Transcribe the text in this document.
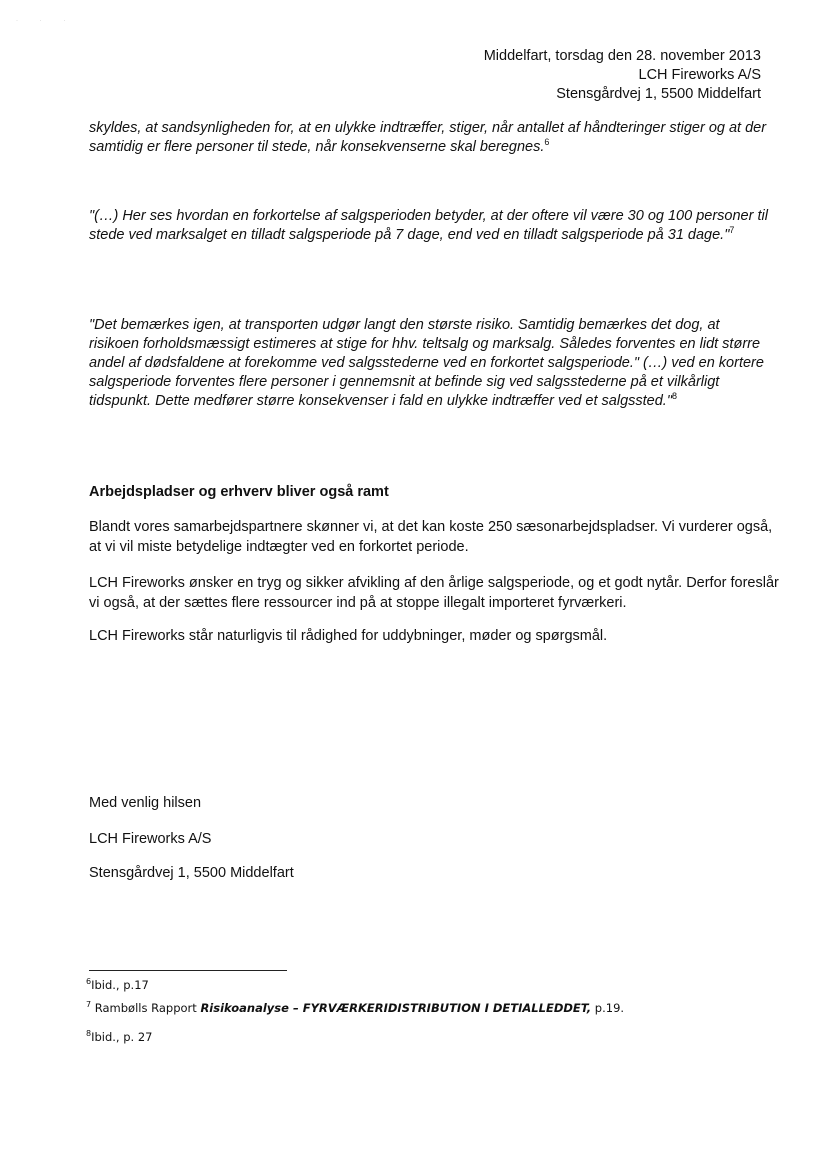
· · ·
Middelfart, torsdag den 28. november 2013
LCH Fireworks A/S
Stensgårdvej 1, 5500 Middelfart
skyldes, at sandsynligheden for, at en ulykke indtræffer, stiger, når antallet af håndteringer stiger og at der samtidig er flere personer til stede, når konsekvenserne skal beregnes.$^6$
"(…) Her ses hvordan en forkortelse af salgsperioden betyder, at der oftere vil være 30 og 100 personer til stede ved marksalget en tilladt salgsperiode på 7 dage, end ved en tilladt salgsperiode på 31 dage."$^7$
"Det bemærkes igen, at transporten udgør langt den største risiko. Samtidig bemærkes det dog, at risikoen forholdsmæssigt estimeres at stige for hhv. teltsalg og marksalg. Således forventes en lidt større andel af dødsfaldene at forekomme ved salgsstederne ved en forkortet salgsperiode." (…) ved en kortere salgsperiode forventes flere personer i gennemsnit at befinde sig ved salgsstederne på et vilkårligt tidspunkt. Dette medfører større konsekvenser i fald en ulykke indtræffer ved et salgssted."$^8$
Arbejdspladser og erhverv bliver også ramt
Blandt vores samarbejdspartnere skønner vi, at det kan koste 250 sæsonarbejdspladser. Vi vurderer også, at vi vil miste betydelige indtægter ved en forkortet periode.
LCH Fireworks ønsker en tryg og sikker afvikling af den årlige salgsperiode, og et godt nytår. Derfor foreslår vi også, at der sættes flere ressourcer ind på at stoppe illegalt importeret fyrværkeri.
LCH Fireworks står naturligvis til rådighed for uddybninger, møder og spørgsmål.
Med venlig hilsen
LCH Fireworks A/S
Stensgårdvej 1, 5500 Middelfart
$^6$Ibid., p.17
$^7$ Rambølls Rapport Risikoanalyse – FYRVÆRKERIDISTRIBUTION I DETIALLEDDET, p.19.
$^8$Ibid., p. 27
